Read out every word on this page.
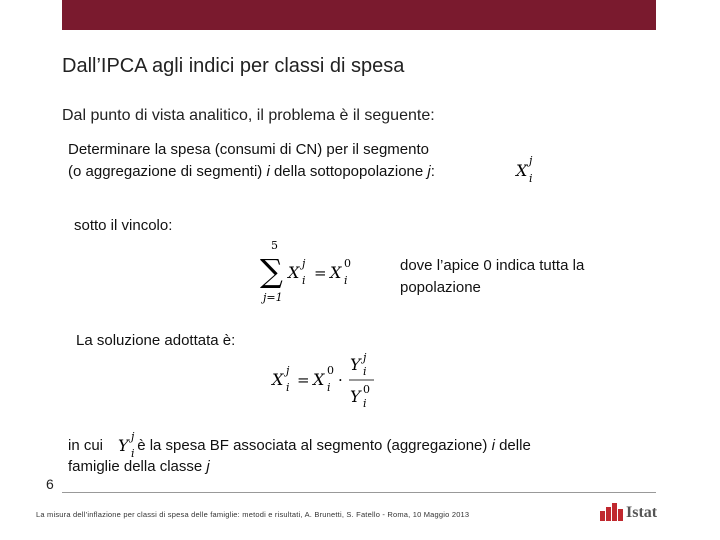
Dall’IPCA agli indici per classi di spesa
Dal punto di vista analitico, il problema è il seguente:
Determinare la spesa (consumi di CN) per il segmento
(o aggregazione di segmenti) i della sottopopolazione j:	X
j
i
sotto il vincolo:
5
∑
j=1
X j
i = X 0
i
dove l’apice 0 indica tutta la
popolazione
La soluzione adottata è:
X j
i = X 0
i ·
Y j
i
Y 0
i
in cui è la spesa BF associata al segmento (aggregazione) i delle
famiglie della classe j
Y j
i
6
La misura dell’inflazione per classi di spesa delle famiglie: metodi e risultati, A. Brunetti, S. Fatello - Roma, 10 Maggio 2013	Istat
